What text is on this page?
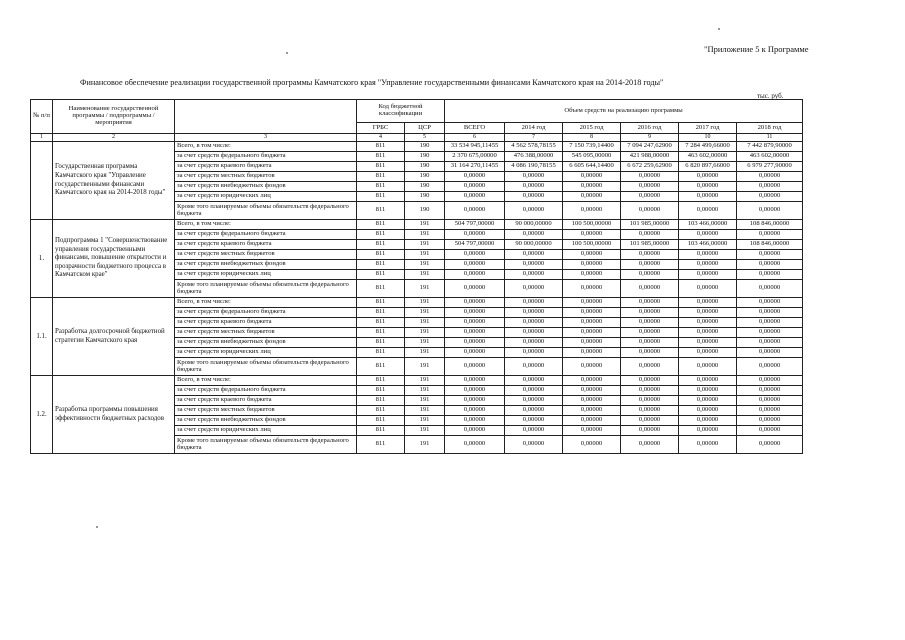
"Приложение 5 к Программе
Финансовое обеспечение реализации государственной программы Камчатского края "Управление государственными финансами Камчатского края на 2014-2018 годы"
тыс. руб.
№ п/п	Наименование государственной программы / подпрограммы / мероприятия		Код бюджетной классификации		Объем средств на реализацию программы					
			ГРБС	ЦСР	ВСЕГО	2014 год	2015 год	2016 год	2017 год	2018 год
1	2	3	4	5	6	7	8	9	10	11
	Государственная программа Камчатского края "Управление государственными финансами Камчатского края на 2014-2018 годы"	Всего, в том числе:	811	190	33 534 945,11455	4 562 578,78155	7 150 739,14400	7 094 247,62900	7 284 499,66000	7 442 879,90000
		за счет средств федерального бюджета	811	190	2 370 675,00000	476 388,00000	545 095,00000	421 988,00000	463 602,00000	463 602,00000
		за счет средств краевого бюджета	811	190	31 164 270,11455	4 086 190,78155	6 605 644,14400	6 672 259,62900	6 820 897,66000	6 979 277,90000
		за счет средств местных бюджетов	811	190	0,00000	0,00000	0,00000	0,00000	0,00000	0,00000
		за счет средств внебюджетных фондов	811	190	0,00000	0,00000	0,00000	0,00000	0,00000	0,00000
		за счет средств юридических лиц	811	190	0,00000	0,00000	0,00000	0,00000	0,00000	0,00000
		Кроме того планируемые объемы обязательств федерального бюджета	811	190	0,00000	0,00000	0,00000	0,00000	0,00000	0,00000
1.	Подпрограмма 1 "Совершенствование управления государственными финансами, повышение открытости и прозрачности бюджетного процесса в Камчатском крае"	Всего, в том числе:	811	191	504 797,00000	90 000,00000	100 500,00000	101 985,00000	103 466,00000	108 846,00000
		за счет средств федерального бюджета	811	191	0,00000	0,00000	0,00000	0,00000	0,00000	0,00000
		за счет средств краевого бюджета	811	191	504 797,00000	90 000,00000	100 500,00000	101 985,00000	103 466,00000	108 846,00000
		за счет средств местных бюджетов	811	191	0,00000	0,00000	0,00000	0,00000	0,00000	0,00000
		за счет средств внебюджетных фондов	811	191	0,00000	0,00000	0,00000	0,00000	0,00000	0,00000
		за счет средств юридических лиц	811	191	0,00000	0,00000	0,00000	0,00000	0,00000	0,00000
		Кроме того планируемые объемы обязательств федерального бюджета	811	191	0,00000	0,00000	0,00000	0,00000	0,00000	0,00000
1.1.	Разработка долгосрочной бюджетной стратегии Камчатского края	Всего, в том числе:	811	191	0,00000	0,00000	0,00000	0,00000	0,00000	0,00000
		за счет средств федерального бюджета	811	191	0,00000	0,00000	0,00000	0,00000	0,00000	0,00000
		за счет средств краевого бюджета	811	191	0,00000	0,00000	0,00000	0,00000	0,00000	0,00000
		за счет средств местных бюджетов	811	191	0,00000	0,00000	0,00000	0,00000	0,00000	0,00000
		за счет средств внебюджетных фондов	811	191	0,00000	0,00000	0,00000	0,00000	0,00000	0,00000
		за счет средств юридических лиц	811	191	0,00000	0,00000	0,00000	0,00000	0,00000	0,00000
		Кроме того планируемые объемы обязательств федерального бюджета	811	191	0,00000	0,00000	0,00000	0,00000	0,00000	0,00000
1.2.	Разработка программы повышения эффективности бюджетных расходов	Всего, в том числе:	811	191	0,00000	0,00000	0,00000	0,00000	0,00000	0,00000
		за счет средств федерального бюджета	811	191	0,00000	0,00000	0,00000	0,00000	0,00000	0,00000
		за счет средств краевого бюджета	811	191	0,00000	0,00000	0,00000	0,00000	0,00000	0,00000
		за счет средств местных бюджетов	811	191	0,00000	0,00000	0,00000	0,00000	0,00000	0,00000
		за счет средств внебюджетных фондов	811	191	0,00000	0,00000	0,00000	0,00000	0,00000	0,00000
		за счет средств юридических лиц	811	191	0,00000	0,00000	0,00000	0,00000	0,00000	0,00000
		Кроме того планируемые объемы обязательств федерального бюджета	811	191	0,00000	0,00000	0,00000	0,00000	0,00000	0,00000
